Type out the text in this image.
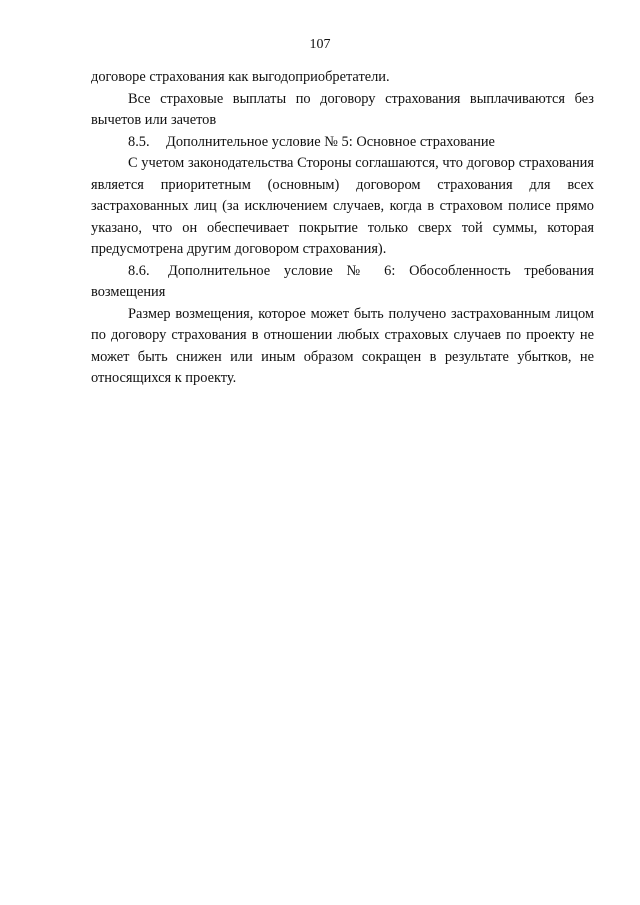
107

договоре страхования как выгодоприобретатели.

Все страховые выплаты по договору страхования выплачиваются без вычетов или зачетов

8.5. Дополнительное условие № 5: Основное страхование

С учетом законодательства Стороны соглашаются, что договор страхования является приоритетным (основным) договором страхования для всех застрахованных лиц (за исключением случаев, когда в страховом полисе прямо указано, что он обеспечивает покрытие только сверх той суммы, которая предусмотрена другим договором страхования).

8.6. Дополнительное условие № 6: Обособленность требования

возмещения

Размер возмещения, которое может быть получено застрахованным лицом по договору страхования в отношении любых страховых случаев по проекту не может быть снижен или иным образом сокращен в результате убытков, не относящихся к проекту.
